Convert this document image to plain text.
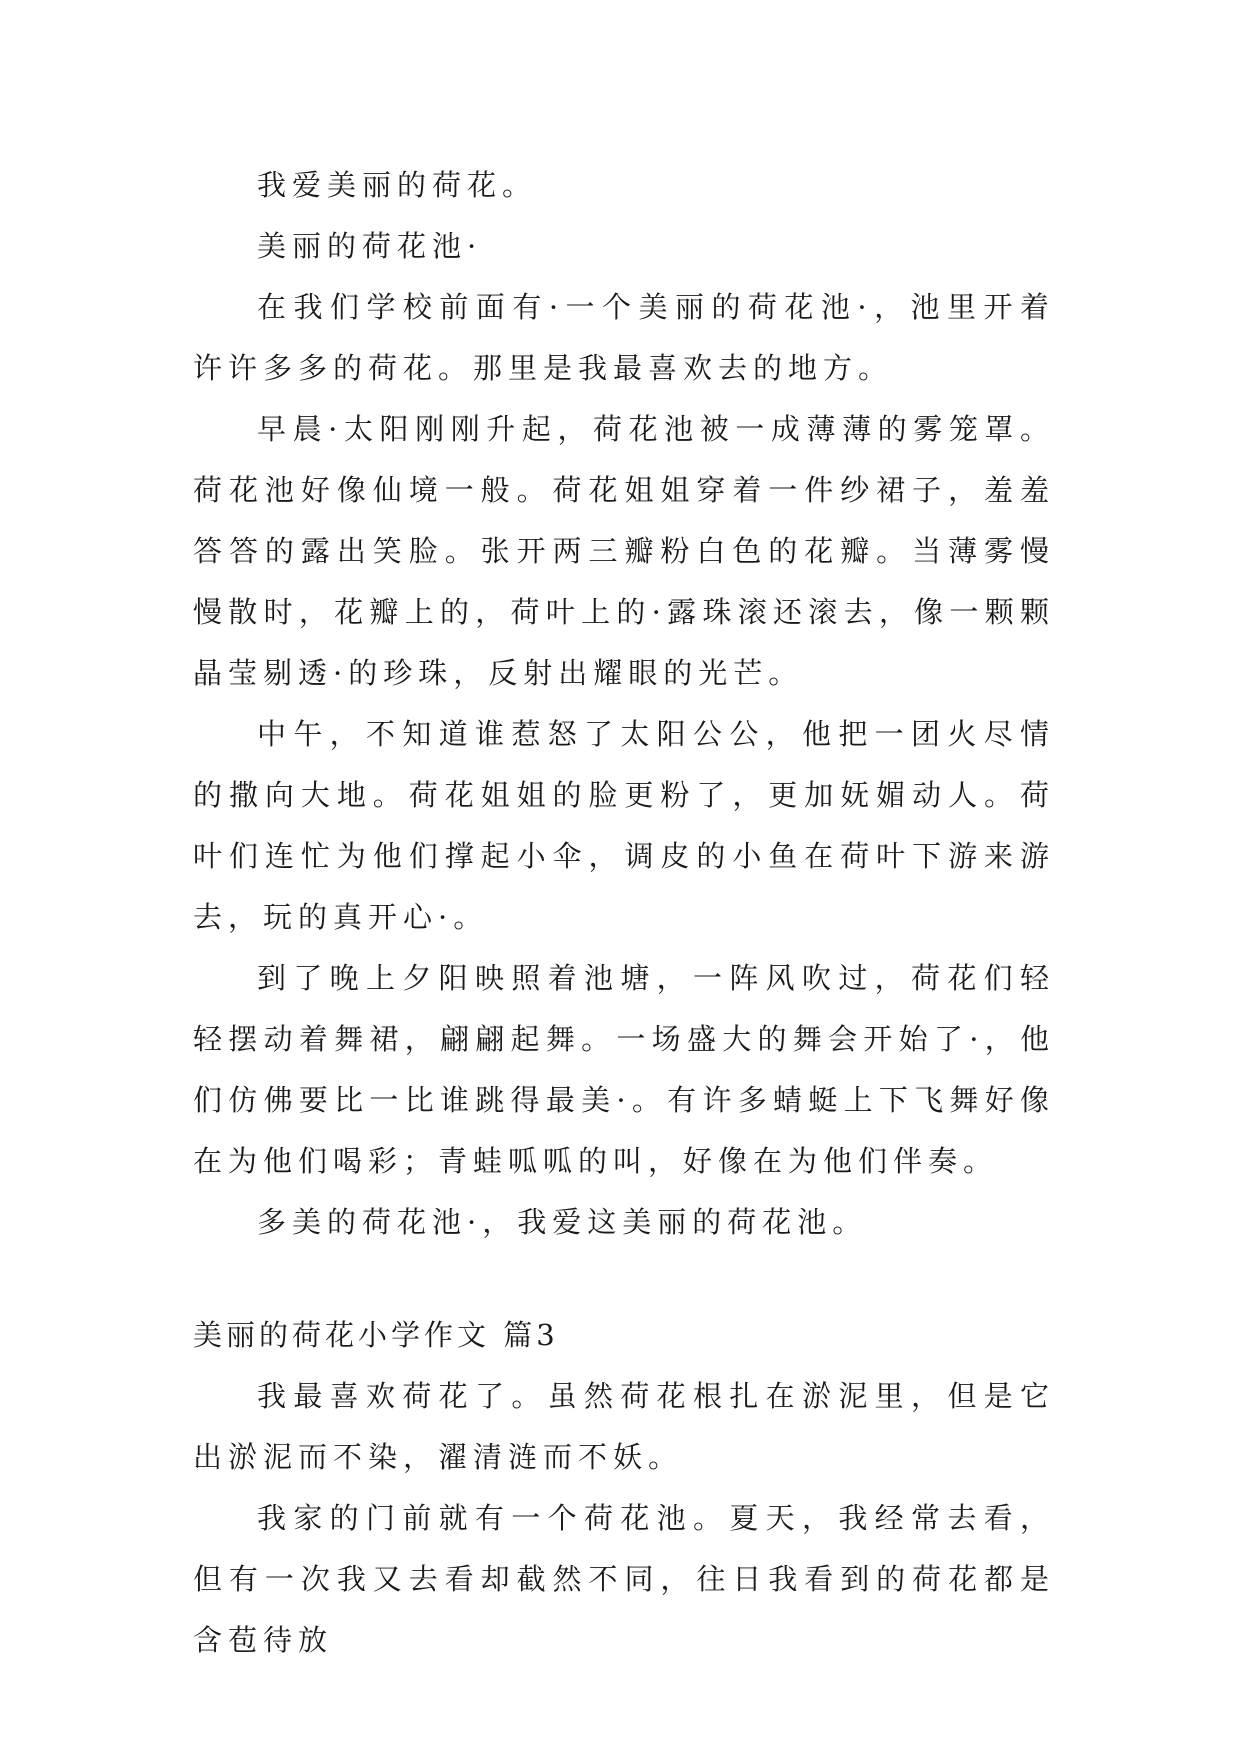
我爱美丽的荷花。

美丽的荷花池·

在我们学校前面有·一个美丽的荷花池·，池里开着许许多多的荷花。那里是我最喜欢去的地方。

早晨·太阳刚刚升起，荷花池被一成薄薄的雾笼罩。荷花池好像仙境一般。荷花姐姐穿着一件纱裙子，羞羞答答的露出笑脸。张开两三瓣粉白色的花瓣。当薄雾慢慢散时，花瓣上的，荷叶上的·露珠滚还滚去，像一颗颗晶莹剔透·的珍珠，反射出耀眼的光芒。

中午，不知道谁惹怒了太阳公公，他把一团火尽情的撒向大地。荷花姐姐的脸更粉了，更加妩媚动人。荷叶们连忙为他们撑起小伞，调皮的小鱼在荷叶下游来游去，玩的真开心·。

到了晚上夕阳映照着池塘，一阵风吹过，荷花们轻轻摆动着舞裙，翩翩起舞。一场盛大的舞会开始了·，他们仿佛要比一比谁跳得最美·。有许多蜻蜓上下飞舞好像在为他们喝彩；青蛙呱呱的叫，好像在为他们伴奏。

多美的荷花池·，我爱这美丽的荷花池。

美丽的荷花小学作文 篇3

我最喜欢荷花了。虽然荷花根扎在淤泥里，但是它出淤泥而不染，濯清涟而不妖。

我家的门前就有一个荷花池。夏天，我经常去看，但有一次我又去看却截然不同，往日我看到的荷花都是含苞待放
